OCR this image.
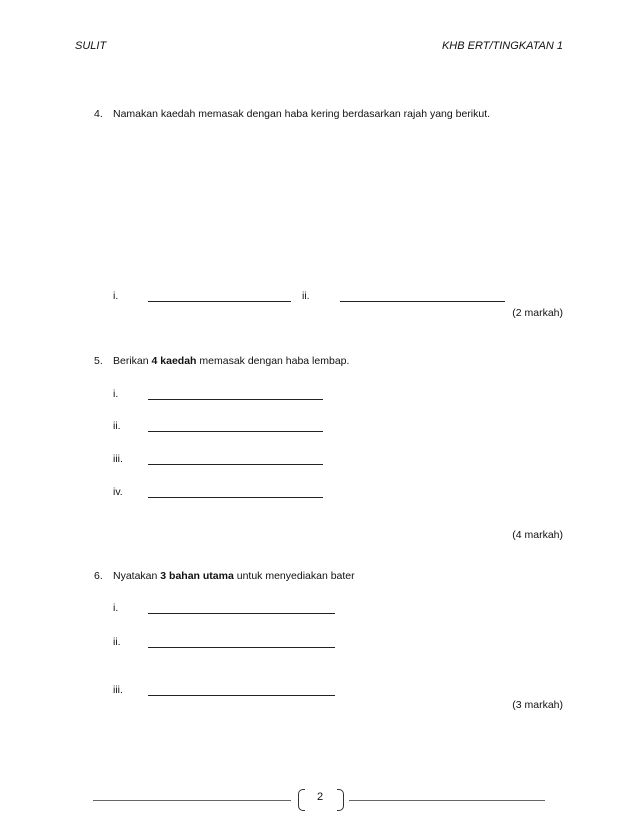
SULIT	KHB ERT/TINGKATAN 1
4. Namakan kaedah memasak dengan haba kering berdasarkan rajah yang berikut.
i.	ii.
(2 markah)
5. Berikan 4 kaedah memasak dengan haba lembap.
i.
ii.
iii.
iv.
(4 markah)
6. Nyatakan 3 bahan utama untuk menyediakan bater
i.
ii.
iii.
(3 markah)
2
